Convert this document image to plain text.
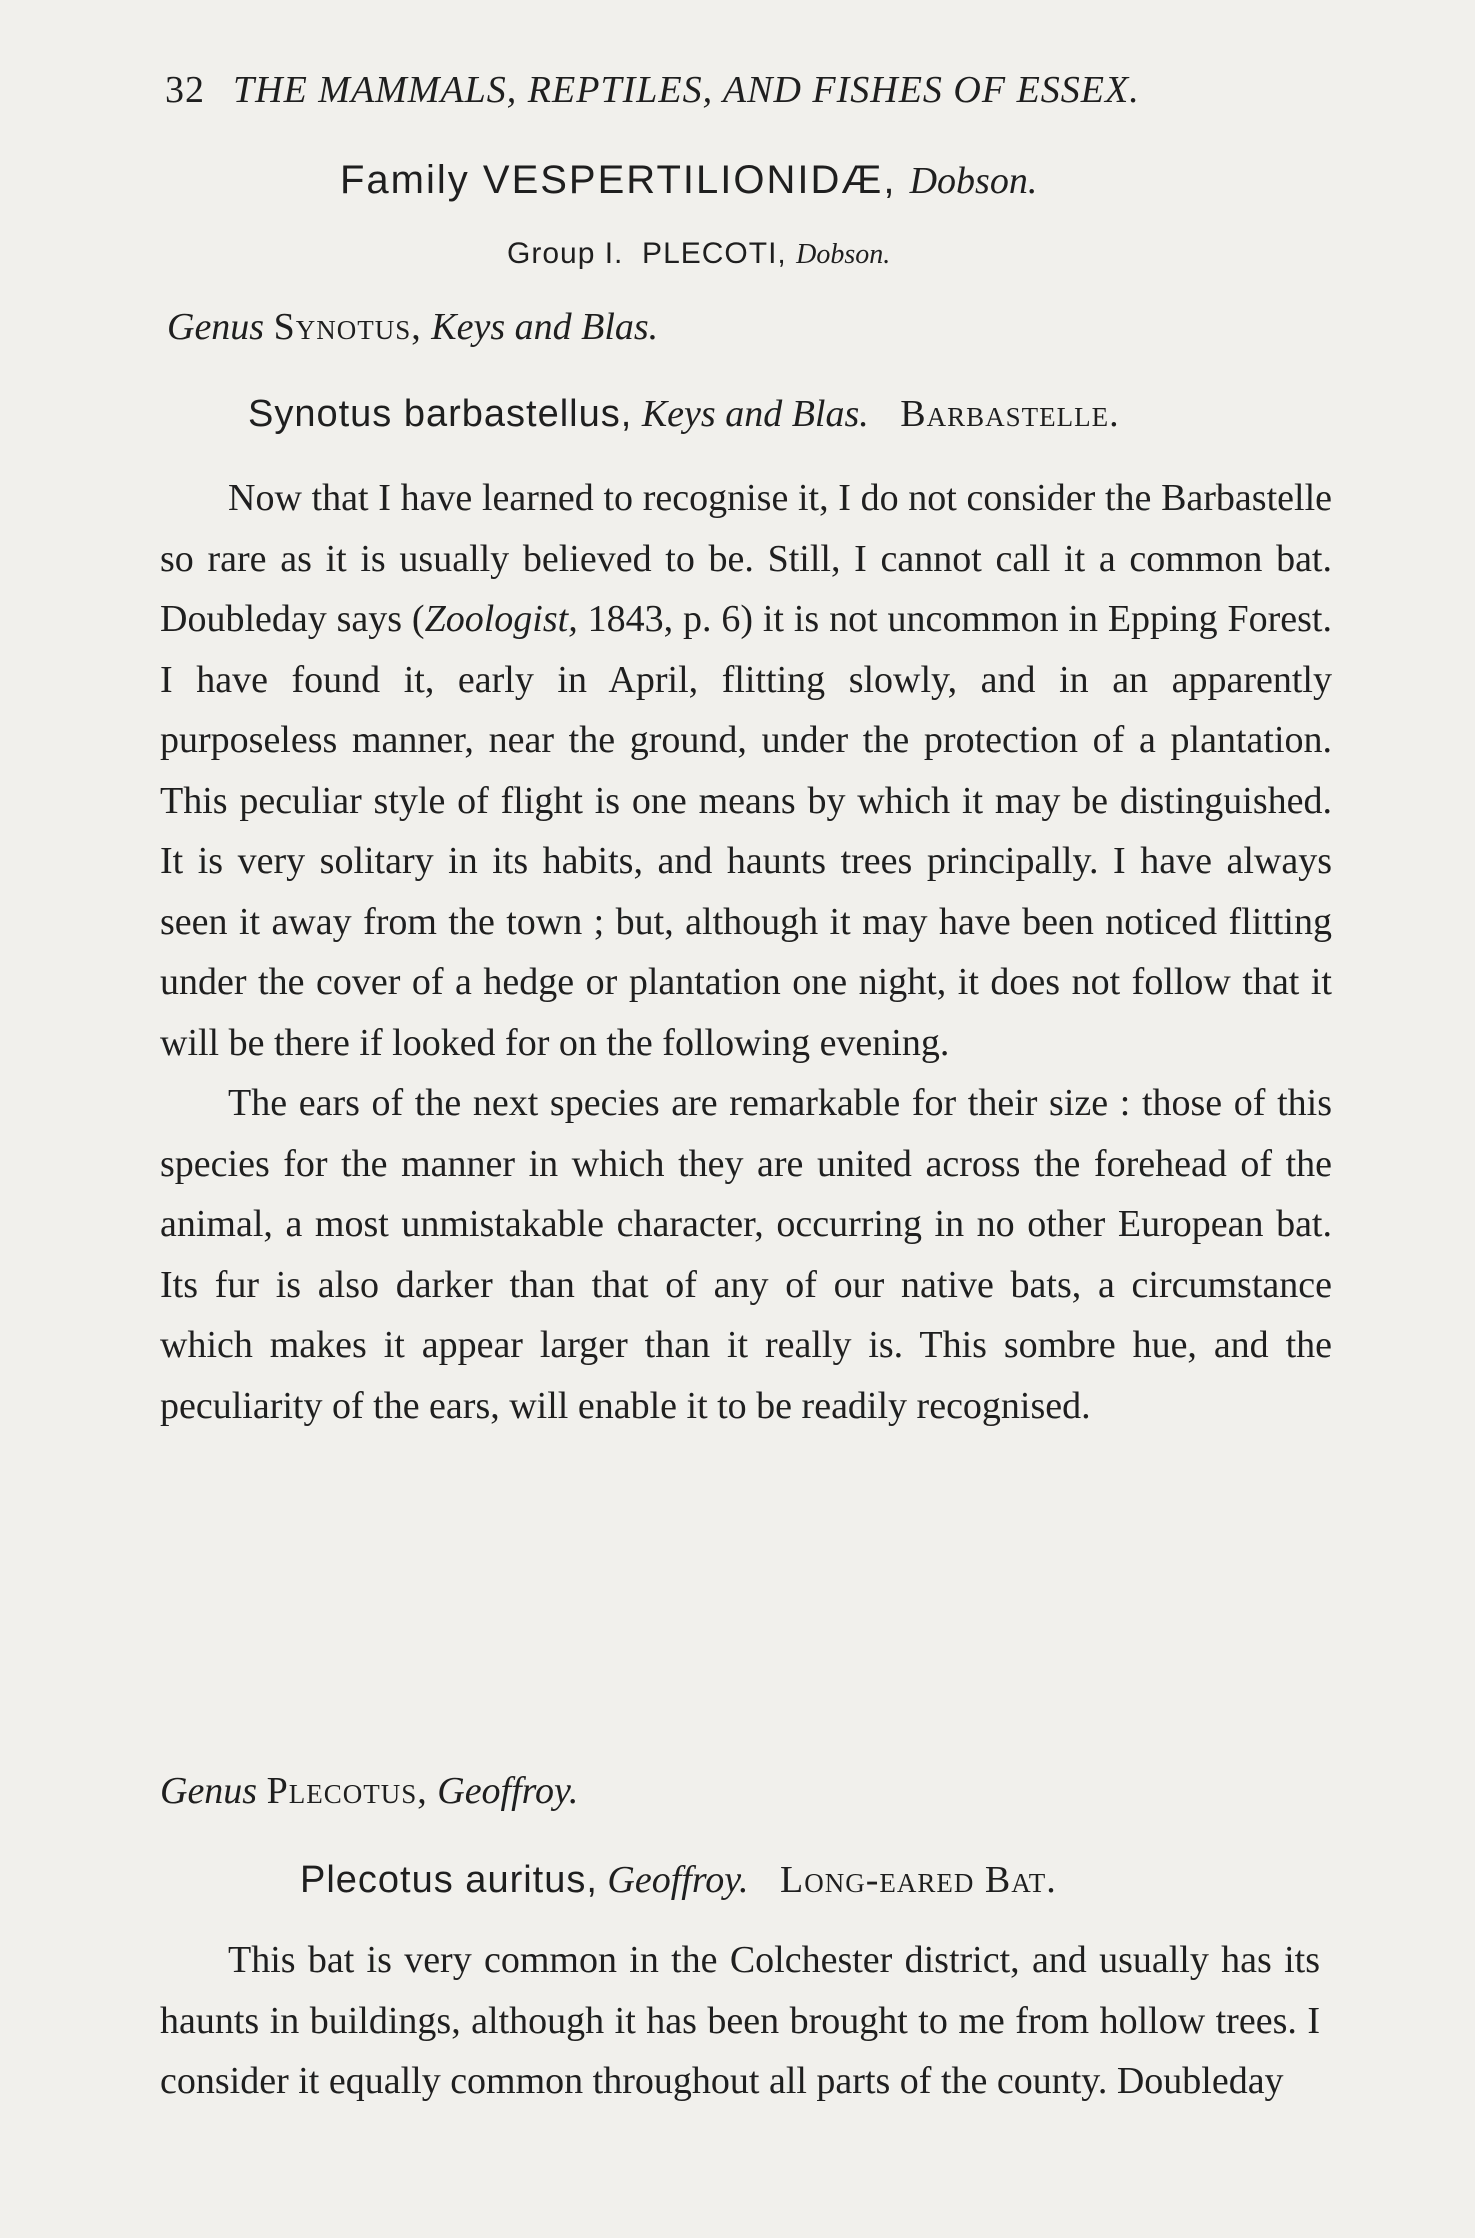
32 THE MAMMALS, REPTILES, AND FISHES OF ESSEX.
Family VESPERTILIONIDÆ, Dobson.
Group I.  PLECOTI, Dobson.
Genus Synotus, Keys and Blas.
Synotus barbastellus, Keys and Blas. Barbastelle.

Now that I have learned to recognise it, I do not consider the Barbastelle so rare as it is usually believed to be. Still, I cannot call it a common bat. Doubleday says (Zoologist, 1843, p. 6) it is not uncommon in Epping Forest. I have found it, early in April, flitting slowly, and in an apparently purposeless manner, near the ground, under the protection of a plantation. This peculiar style of flight is one means by which it may be distinguished. It is very solitary in its habits, and haunts trees principally. I have always seen it away from the town ; but, although it may have been noticed flitting under the cover of a hedge or plantation one night, it does not follow that it will be there if looked for on the following evening.

The ears of the next species are remarkable for their size : those of this species for the manner in which they are united across the forehead of the animal, a most unmistakable character, occurring in no other European bat. Its fur is also darker than that of any of our native bats, a circumstance which makes it appear larger than it really is. This sombre hue, and the peculiarity of the ears, will enable it to be readily recognised.

Genus Plecotus, Geoffroy.
Plecotus auritus, Geoffroy. Long-eared Bat.

This bat is very common in the Colchester district, and usually has its haunts in buildings, although it has been brought to me from hollow trees. I consider it equally common throughout all parts of the county. Doubleday
